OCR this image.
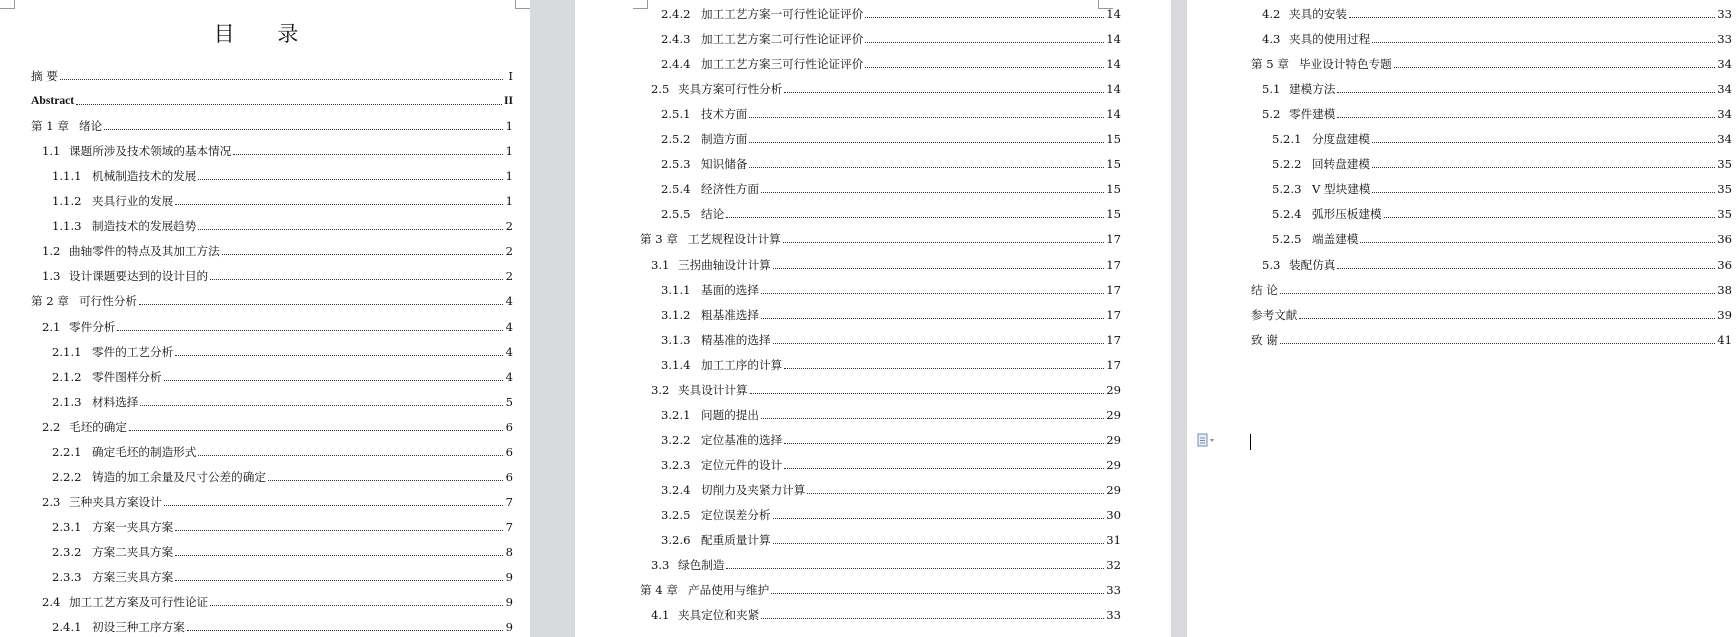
目 录
摘 要	I
Abstract	II
第 1 章 绪论	1
1.1 课题所涉及技术领域的基本情况	1
1.1.1 机械制造技术的发展	1
1.1.2 夹具行业的发展	1
1.1.3 制造技术的发展趋势	2
1.2 曲轴零件的特点及其加工方法	2
1.3 设计课题要达到的设计目的	2
第 2 章 可行性分析	4
2.1 零件分析	4
2.1.1 零件的工艺分析	4
2.1.2 零件图样分析	4
2.1.3 材料选择	5
2.2 毛坯的确定	6
2.2.1 确定毛坯的制造形式	6
2.2.2 铸造的加工余量及尺寸公差的确定	6
2.3 三种夹具方案设计	7
2.3.1 方案一夹具方案	7
2.3.2 方案二夹具方案	8
2.3.3 方案三夹具方案	9
2.4 加工工艺方案及可行性论证	9
2.4.1 初设三种工序方案	9
2.4.2 加工工艺方案一可行性论证评价	14
2.4.3 加工工艺方案二可行性论证评价	14
2.4.4 加工工艺方案三可行性论证评价	14
2.5 夹具方案可行性分析	14
2.5.1 技术方面	14
2.5.2 制造方面	15
2.5.3 知识储备	15
2.5.4 经济性方面	15
2.5.5 结论	15
第 3 章 工艺规程设计计算	17
3.1 三拐曲轴设计计算	17
3.1.1 基面的选择	17
3.1.2 粗基准选择	17
3.1.3 精基准的选择	17
3.1.4 加工工序的计算	17
3.2 夹具设计计算	29
3.2.1 问题的提出	29
3.2.2 定位基准的选择	29
3.2.3 定位元件的设计	29
3.2.4 切削力及夹紧力计算	29
3.2.5 定位误差分析	30
3.2.6 配重质量计算	31
3.3 绿色制造	32
第 4 章 产品使用与维护	33
4.1 夹具定位和夹紧	33
4.2 夹具的安装	33
4.3 夹具的使用过程	33
第 5 章 毕业设计特色专题	34
5.1 建模方法	34
5.2 零件建模	34
5.2.1 分度盘建模	34
5.2.2 回转盘建模	35
5.2.3 V 型块建模	35
5.2.4 弧形压板建模	35
5.2.5 端盖建模	36
5.3 装配仿真	36
结 论	38
参考文献	39
致 谢	41
